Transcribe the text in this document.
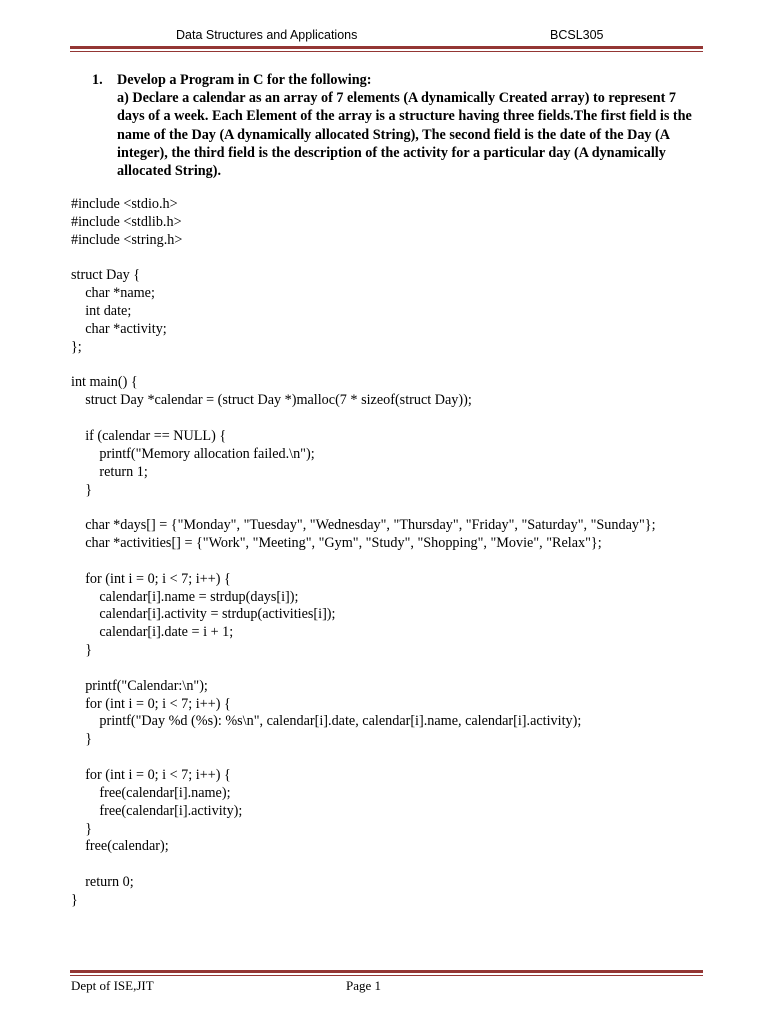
Data Structures and Applications	BCSL305
1. Develop a Program in C for the following:
a) Declare a calendar as an array of 7 elements (A dynamically Created array) to represent 7 days of a week. Each Element of the array is a structure having three fields.The first field is the name of the Day (A dynamically allocated String), The second field is the date of the Day (A integer), the third field is the description of the activity for a particular day (A dynamically allocated String).
#include <stdio.h>
#include <stdlib.h>
#include <string.h>
struct Day {
char *name;
int date;
char *activity;
};
int main() {
struct Day *calendar = (struct Day *)malloc(7 * sizeof(struct Day));
if (calendar == NULL) {
printf("Memory allocation failed.\n");
return 1;
}
char *days[] = {"Monday", "Tuesday", "Wednesday", "Thursday", "Friday", "Saturday", "Sunday"};
char *activities[] = {"Work", "Meeting", "Gym", "Study", "Shopping", "Movie", "Relax"};
for (int i = 0; i < 7; i++) {
calendar[i].name = strdup(days[i]);
calendar[i].activity = strdup(activities[i]);
calendar[i].date = i + 1;
}
printf("Calendar:\n");
for (int i = 0; i < 7; i++) {
printf("Day %d (%s): %s\n", calendar[i].date, calendar[i].name, calendar[i].activity);
}
for (int i = 0; i < 7; i++) {
free(calendar[i].name);
free(calendar[i].activity);
}
free(calendar);
return 0;
}
Dept of ISE,JIT	Page 1
